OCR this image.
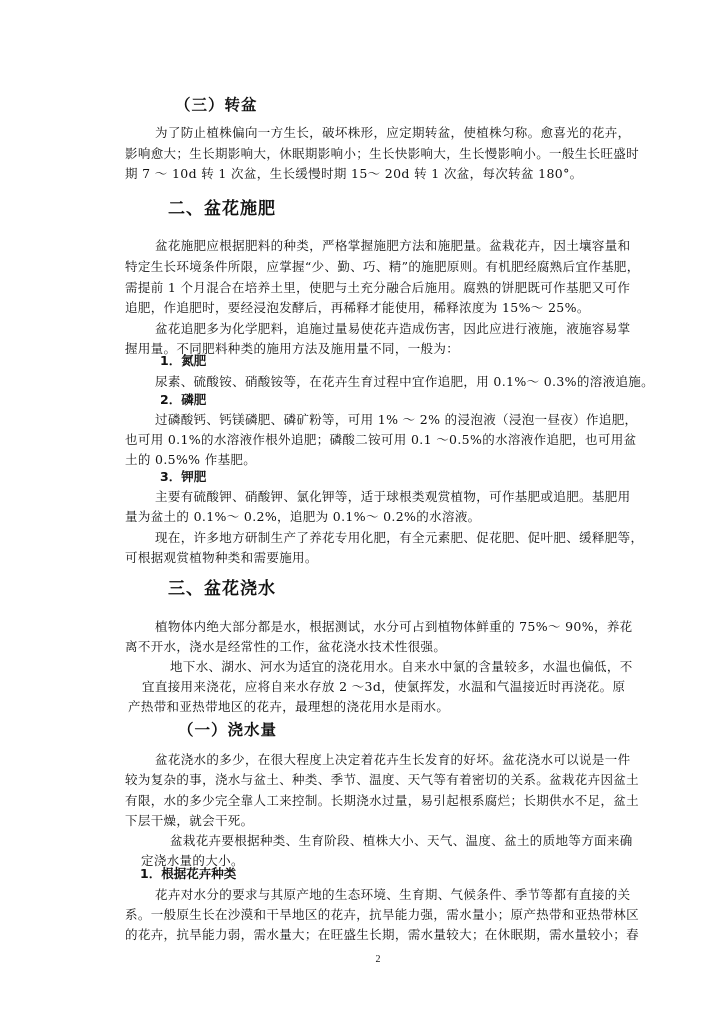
（三）转盆
为了防止植株偏向一方生长，破坏株形，应定期转盆，使植株匀称。愈喜光的花卉，
影响愈大；生长期影响大，休眠期影响小；生长快影响大，生长慢影响小。一般生长旺盛时
期 7 ～ 10d 转 1 次盆，生长缓慢时期 15～ 20d 转 1 次盆，每次转盆 180°。
二、盆花施肥
盆花施肥应根据肥料的种类，严格掌握施肥方法和施肥量。盆栽花卉，因土壤容量和
特定生长环境条件所限，应掌握“少、勤、巧、精”的施肥原则。有机肥经腐熟后宜作基肥，
需提前 1 个月混合在培养土里，使肥与土充分融合后施用。腐熟的饼肥既可作基肥又可作
追肥，作追肥时，要经浸泡发酵后，再稀释才能使用，稀释浓度为 15%～ 25%。
盆花追肥多为化学肥料，追施过量易使花卉造成伤害，因此应进行液施，液施容易掌
握用量。不同肥料种类的施用方法及施用量不同，一般为：
1．氮肥
尿素、硫酸铵、硝酸铵等，在花卉生育过程中宜作追肥，用 0.1%～ 0.3%的溶液追施。
2．磷肥
过磷酸钙、钙镁磷肥、磷矿粉等，可用 1% ～ 2% 的浸泡液（浸泡一昼夜）作追肥，
也可用 0.1%的水溶液作根外追肥；磷酸二铵可用 0.1 ～0.5%的水溶液作追肥，也可用盆
土的 0.5%% 作基肥。
3．钾肥
主要有硫酸钾、硝酸钾、氯化钾等，适于球根类观赏植物，可作基肥或追肥。基肥用
量为盆土的 0.1%～ 0.2%，追肥为 0.1%～ 0.2%的水溶液。
现在，许多地方研制生产了养花专用化肥，有全元素肥、促花肥、促叶肥、缓释肥等，
可根据观赏植物种类和需要施用。
三、盆花浇水
植物体内绝大部分都是水，根据测试，水分可占到植物体鲜重的 75%～ 90%，养花
离不开水，浇水是经常性的工作，盆花浇水技术性很强。
地下水、湖水、河水为适宜的浇花用水。自来水中氯的含量较多，水温也偏低，不
宜直接用来浇花，应将自来水存放 2 ～3d，使氯挥发，水温和气温接近时再浇花。原
产热带和亚热带地区的花卉，最理想的浇花用水是雨水。
（一）浇水量
盆花浇水的多少，在很大程度上决定着花卉生长发育的好坏。盆花浇水可以说是一件
较为复杂的事，浇水与盆土、种类、季节、温度、天气等有着密切的关系。盆栽花卉因盆土
有限，水的多少完全靠人工来控制。长期浇水过量，易引起根系腐烂；长期供水不足，盆土
下层干燥，就会干死。
盆栽花卉要根据种类、生育阶段、植株大小、天气、温度、盆土的质地等方面来确
定浇水量的大小。
1．根据花卉种类
花卉对水分的要求与其原产地的生态环境、生育期、气候条件、季节等都有直接的关
系。一般原生长在沙漠和干旱地区的花卉，抗旱能力强，需水量小；原产热带和亚热带林区
的花卉，抗旱能力弱，需水量大；在旺盛生长期，需水量较大；在休眠期，需水量较小；春
2
